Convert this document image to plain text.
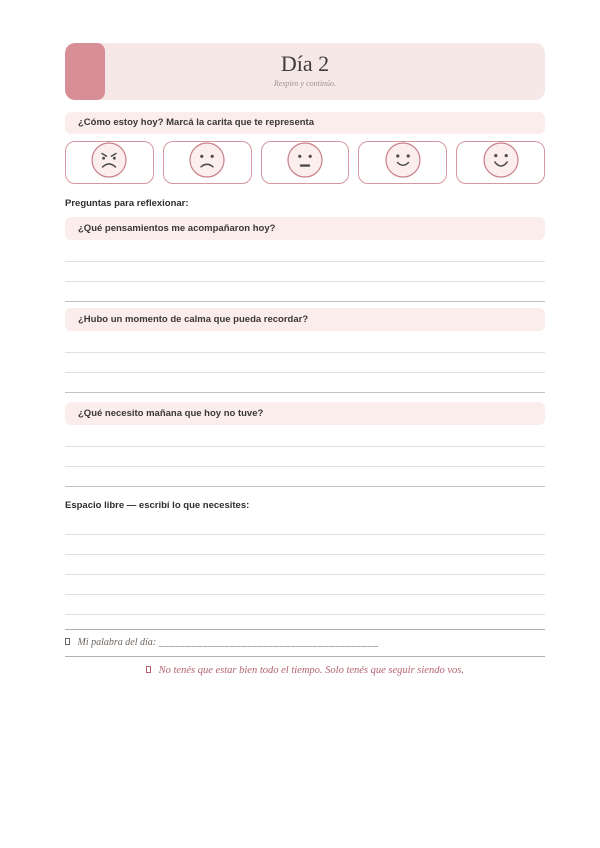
Día 2
Respiro y continúo.
¿Cómo estoy hoy? Marcá la carita que te representa
Preguntas para reflexionar:
¿Qué pensamientos me acompañaron hoy?
¿Hubo un momento de calma que pueda recordar?
¿Qué necesito mañana que hoy no tuve?
Espacio libre — escribí lo que necesites:
Mi palabra del día: ________________________________________
No tenés que estar bien todo el tiempo. Solo tenés que seguir siendo vos.
